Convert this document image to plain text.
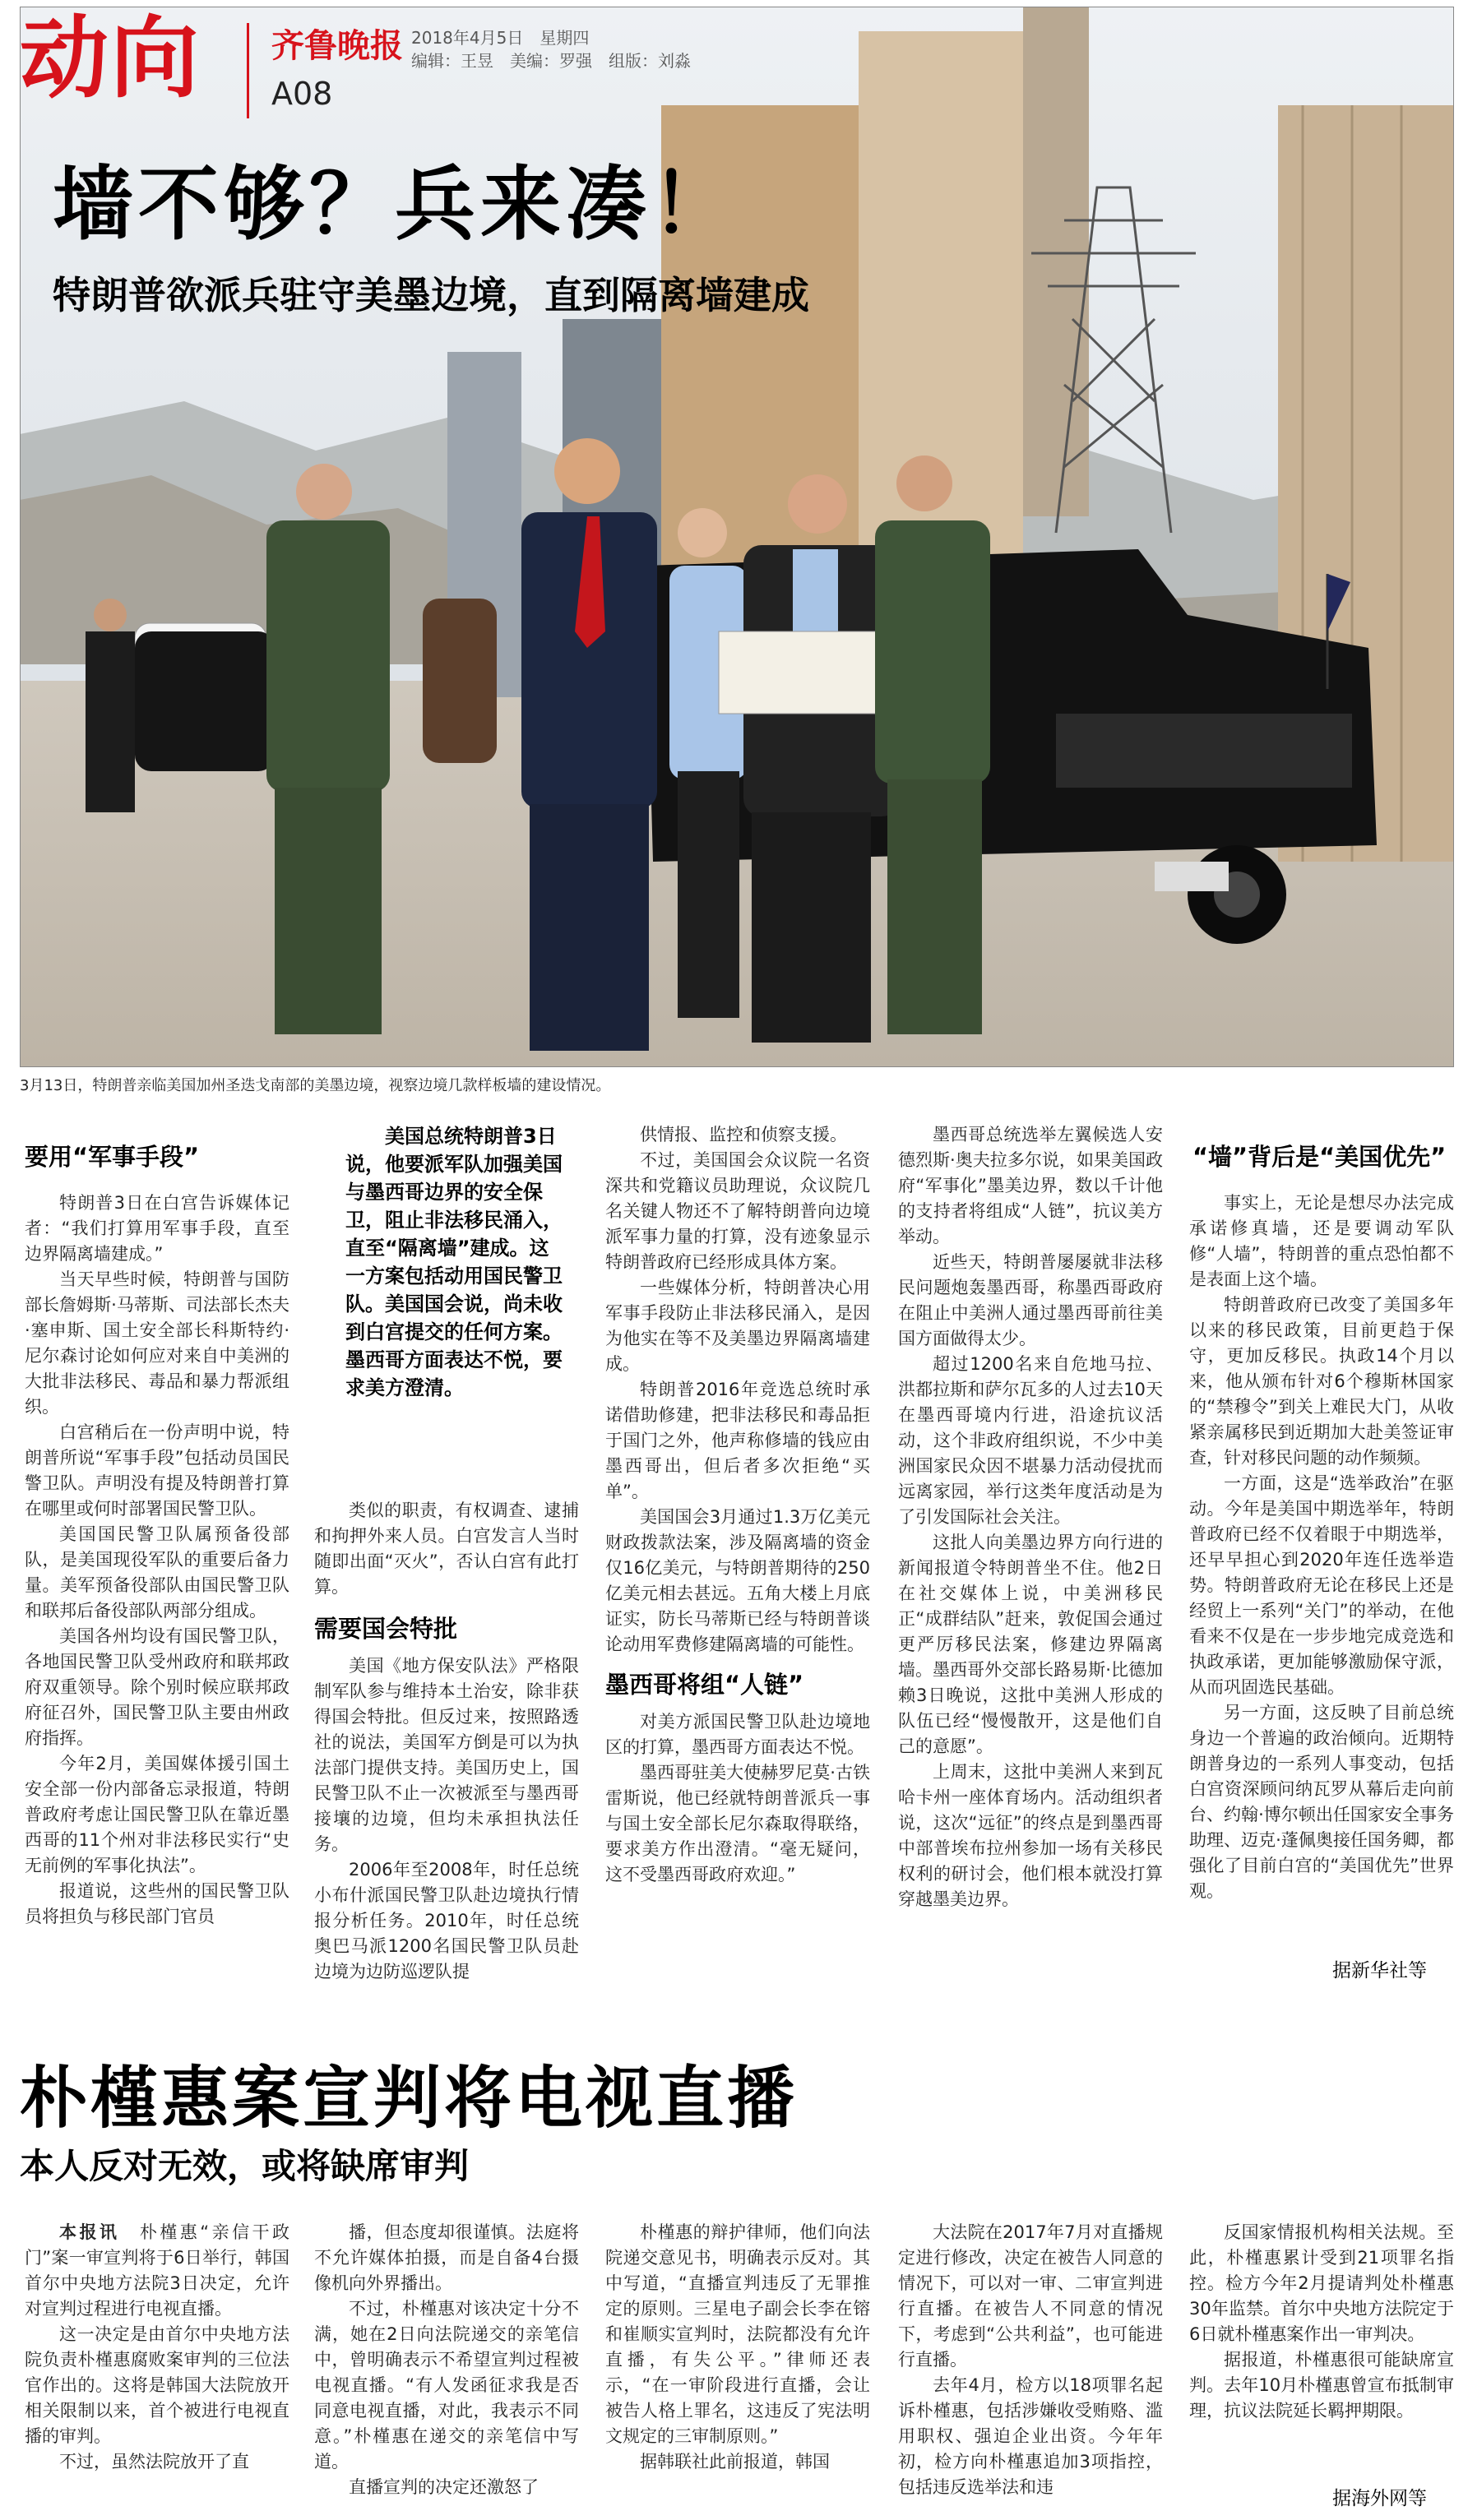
动向 齐鲁晚报 2018年4月5日　星期四
编辑：王昱　美编：罗强　组版：刘淼
A08
墙不够？兵来凑！
特朗普欲派兵驻守美墨边境，直到隔离墙建成
3月13日，特朗普亲临美国加州圣迭戈南部的美墨边境，视察边境几款样板墙的建设情况。
要用“军事手段”

特朗普3日在白宫告诉媒体记者：“我们打算用军事手段，直至边界隔离墙建成。”

当天早些时候，特朗普与国防部长詹姆斯·马蒂斯、司法部长杰夫·塞申斯、国土安全部长科斯特约·尼尔森讨论如何应对来自中美洲的大批非法移民、毒品和暴力帮派组织。

白宫稍后在一份声明中说，特朗普所说“军事手段”包括动员国民警卫队。声明没有提及特朗普打算在哪里或何时部署国民警卫队。

美国国民警卫队属预备役部队，是美国现役军队的重要后备力量。美军预备役部队由国民警卫队和联邦后备役部队两部分组成。

美国各州均设有国民警卫队，各地国民警卫队受州政府和联邦政府双重领导。除个别时候应联邦政府征召外，国民警卫队主要由州政府指挥。

今年2月，美国媒体援引国土安全部一份内部备忘录报道，特朗普政府考虑让国民警卫队在靠近墨西哥的11个州对非法移民实行“史无前例的军事化执法”。

报道说，这些州的国民警卫队员将担负与移民部门官员

美国总统特朗普3日说，他要派军队加强美国与墨西哥边界的安全保卫，阻止非法移民涌入，直至“隔离墙”建成。这一方案包括动用国民警卫队。美国国会说，尚未收到白宫提交的任何方案。墨西哥方面表达不悦，要求美方澄清。

类似的职责，有权调查、逮捕和拘押外来人员。白宫发言人当时随即出面“灭火”，否认白宫有此打算。

需要国会特批

美国《地方保安队法》严格限制军队参与维持本土治安，除非获得国会特批。但反过来，按照路透社的说法，美国军方倒是可以为执法部门提供支持。美国历史上，国民警卫队不止一次被派至与墨西哥接壤的边境，但均未承担执法任务。

2006年至2008年，时任总统小布什派国民警卫队赴边境执行情报分析任务。2010年，时任总统奥巴马派1200名国民警卫队员赴边境为边防巡逻队提

供情报、监控和侦察支援。

不过，美国国会众议院一名资深共和党籍议员助理说，众议院几名关键人物还不了解特朗普向边境派军事力量的打算，没有迹象显示特朗普政府已经形成具体方案。

一些媒体分析，特朗普决心用军事手段防止非法移民涌入，是因为他实在等不及美墨边界隔离墙建成。

特朗普2016年竞选总统时承诺借助修建，把非法移民和毒品拒于国门之外，他声称修墙的钱应由墨西哥出，但后者多次拒绝“买单”。

美国国会3月通过1.3万亿美元财政拨款法案，涉及隔离墙的资金仅16亿美元，与特朗普期待的250亿美元相去甚远。五角大楼上月底证实，防长马蒂斯已经与特朗普谈论动用军费修建隔离墙的可能性。

墨西哥将组“人链”

对美方派国民警卫队赴边境地区的打算，墨西哥方面表达不悦。

墨西哥驻美大使赫罗尼莫·古铁雷斯说，他已经就特朗普派兵一事与国土安全部长尼尔森取得联络，要求美方作出澄清。“毫无疑问，这不受墨西哥政府欢迎。”

墨西哥总统选举左翼候选人安德烈斯·奥夫拉多尔说，如果美国政府“军事化”墨美边界，数以千计他的支持者将组成“人链”，抗议美方举动。

近些天，特朗普屡屡就非法移民问题炮轰墨西哥，称墨西哥政府在阻止中美洲人通过墨西哥前往美国方面做得太少。

超过1200名来自危地马拉、洪都拉斯和萨尔瓦多的人过去10天在墨西哥境内行进，沿途抗议活动，这个非政府组织说，不少中美洲国家民众因不堪暴力活动侵扰而远离家园，举行这类年度活动是为了引发国际社会关注。

这批人向美墨边界方向行进的新闻报道令特朗普坐不住。他2日在社交媒体上说，中美洲移民正“成群结队”赶来，敦促国会通过更严厉移民法案，修建边界隔离墙。墨西哥外交部长路易斯·比德加赖3日晚说，这批中美洲人形成的队伍已经“慢慢散开，这是他们自己的意愿”。

上周末，这批中美洲人来到瓦哈卡州一座体育场内。活动组织者说，这次“远征”的终点是到墨西哥中部普埃布拉州参加一场有关移民权利的研讨会，他们根本就没打算穿越墨美边界。

“墙”背后是“美国优先”

事实上，无论是想尽办法完成承诺修真墙，还是要调动军队修“人墙”，特朗普的重点恐怕都不是表面上这个墙。

特朗普政府已改变了美国多年以来的移民政策，目前更趋于保守，更加反移民。执政14个月以来，他从颁布针对6个穆斯林国家的“禁穆令”到关上难民大门，从收紧亲属移民到近期加大赴美签证审查，针对移民问题的动作频频。

一方面，这是“选举政治”在驱动。今年是美国中期选举年，特朗普政府已经不仅着眼于中期选举，还早早担心到2020年连任选举造势。特朗普政府无论在移民上还是经贸上一系列“关门”的举动，在他看来不仅是在一步步地完成竞选和执政承诺，更加能够激励保守派，从而巩固选民基础。

另一方面，这反映了目前总统身边一个普遍的政治倾向。近期特朗普身边的一系列人事变动，包括白宫资深顾问纳瓦罗从幕后走向前台、约翰·博尔顿出任国家安全事务助理、迈克·蓬佩奥接任国务卿，都强化了目前白宫的“美国优先”世界观。

据新华社等
朴槿惠案宣判将电视直播
本人反对无效，或将缺席审判

本报讯　 朴槿惠“亲信干政门”案一审宣判将于6日举行，韩国首尔中央地方法院3日决定，允许对宣判过程进行电视直播。

这一决定是由首尔中央地方法院负责朴槿惠腐败案审判的三位法官作出的。这将是韩国大法院放开相关限制以来，首个被进行电视直播的审判。

不过，虽然法院放开了直

播，但态度却很谨慎。法庭将不允许媒体拍摄，而是自备4台摄像机向外界播出。

不过，朴槿惠对该决定十分不满，她在2日向法院递交的亲笔信中，曾明确表示不希望宣判过程被电视直播。“有人发函征求我是否同意电视直播，对此，我表示不同意。”朴槿惠在递交的亲笔信中写道。

直播宣判的决定还激怒了

朴槿惠的辩护律师，他们向法院递交意见书，明确表示反对。其中写道，“直播宣判违反了无罪推定的原则。三星电子副会长李在镕和崔顺实宣判时，法院都没有允许直播，有失公平。”律师还表示，“在一审阶段进行直播，会让被告人格上罪名，这违反了宪法明文规定的三审制原则。”

据韩联社此前报道，韩国

大法院在2017年7月对直播规定进行修改，决定在被告人同意的情况下，可以对一审、二审宣判进行直播。在被告人不同意的情况下，考虑到“公共利益”，也可能进行直播。

去年4月，检方以18项罪名起诉朴槿惠，包括涉嫌收受贿赂、滥用职权、强迫企业出资。今年年初，检方向朴槿惠追加3项指控，包括违反选举法和违

反国家情报机构相关法规。至此，朴槿惠累计受到21项罪名指控。检方今年2月提请判处朴槿惠30年监禁。首尔中央地方法院定于6日就朴槿惠案作出一审判决。

据报道，朴槿惠很可能缺席宣判。去年10月朴槿惠曾宣布抵制审理，抗议法院延长羁押期限。

据海外网等
